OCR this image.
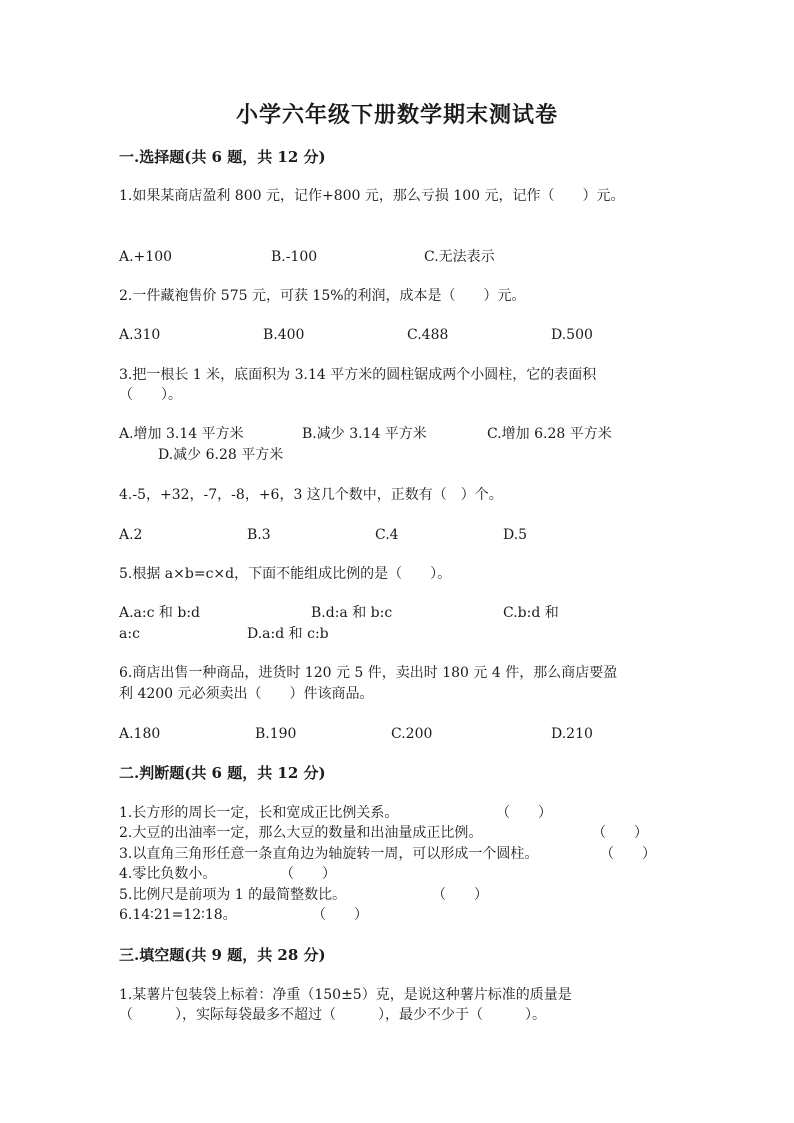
小学六年级下册数学期末测试卷
一.选择题(共 6 题，共 12 分)
1.如果某商店盈利 800 元，记作+800 元，那么亏损 100 元，记作（　　）元。
A.+100	B.-100	C.无法表示
2.一件藏袍售价 575 元，可获 15%的利润，成本是（　　）元。
A.310	B.400	C.488	D.500
3.把一根长 1 米，底面积为 3.14 平方米的圆柱锯成两个小圆柱，它的表面积
（　　）。
A.增加 3.14 平方米	B.减少 3.14 平方米	C.增加 6.28 平方米
D.减少 6.28 平方米
4.-5，+32，-7，-8，+6，3 这几个数中，正数有（　）个。
A.2	B.3	C.4	D.5
5.根据 a×b=c×d，下面不能组成比例的是（　　）。
A.a:c 和 b:d	B.d:a 和 b:c	C.b:d 和
a:c	D.a:d 和 c:b
6.商店出售一种商品，进货时 120 元 5 件，卖出时 180 元 4 件，那么商店要盈
利 4200 元必须卖出（　　）件该商品。
A.180	B.190	C.200	D.210
二.判断题(共 6 题，共 12 分)
1.长方形的周长一定，长和宽成正比例关系。	（　　）
2.大豆的出油率一定，那么大豆的数量和出油量成正比例。	（　　）
3.以直角三角形任意一条直角边为轴旋转一周，可以形成一个圆柱。	（　　）
4.零比负数小。	（　　）
5.比例尺是前项为 1 的最简整数比。	（　　）
6.14∶21=12∶18。	（　　）
三.填空题(共 9 题，共 28 分)
1.某薯片包装袋上标着：净重（150±5）克，是说这种薯片标准的质量是
（　　　），实际每袋最多不超过（　　　），最少不少于（　　　）。
